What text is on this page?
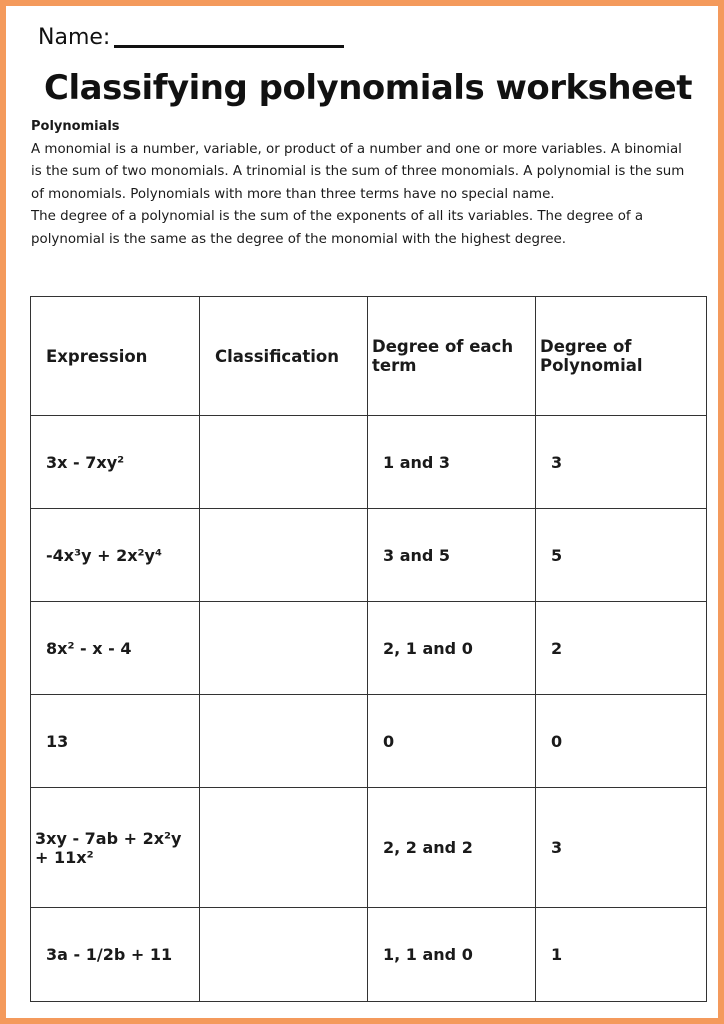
Name:
Classifying polynomials worksheet
Polynomials

A monomial is a number, variable, or product of a number and one or more variables. A binomial is the sum of two monomials. A trinomial is the sum of three monomials. A polynomial is the sum of monomials. Polynomials with more than three terms have no special name.

The degree of a polynomial is the sum of the exponents of all its variables. The degree of a polynomial is the same as the degree of the monomial with the highest degree.

Expression	Classification	Degree of each term	Degree of Polynomial
3x - 7xy²		1 and 3	3
-4x³y + 2x²y⁴		3 and 5	5
8x² - x - 4		2, 1 and 0	2
13		0	0
3xy - 7ab + 2x²y + 11x²		2, 2 and 2	3
3a - 1/2b + 11		1, 1 and 0	1
